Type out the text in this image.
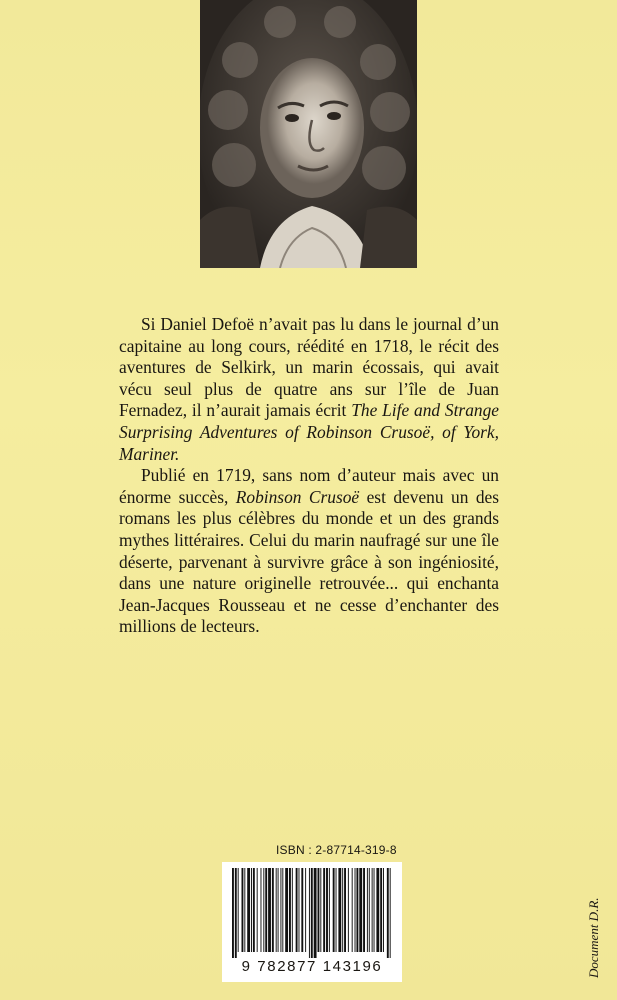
Si Daniel Defoë n’avait pas lu dans le journal d’un capitaine au long cours, réédité en 1718, le récit des aventures de Selkirk, un marin écossais, qui avait vécu seul plus de quatre ans sur l’île de Juan Fernadez, il n’aurait jamais écrit The Life and Strange Surprising Adventures of Robinson Crusoë, of York, Mariner.

Publié en 1719, sans nom d’auteur mais avec un énorme succès, Robinson Crusoë est devenu un des romans les plus célèbres du monde et un des grands mythes littéraires. Celui du marin naufragé sur une île déserte, parvenant à survivre grâce à son ingéniosité, dans une nature originelle retrouvée... qui enchanta Jean-Jacques Rousseau et ne cesse d’enchanter des millions de lecteurs.

ISBN : 2-87714-319-8
9 782877 143196	Document D.R.
